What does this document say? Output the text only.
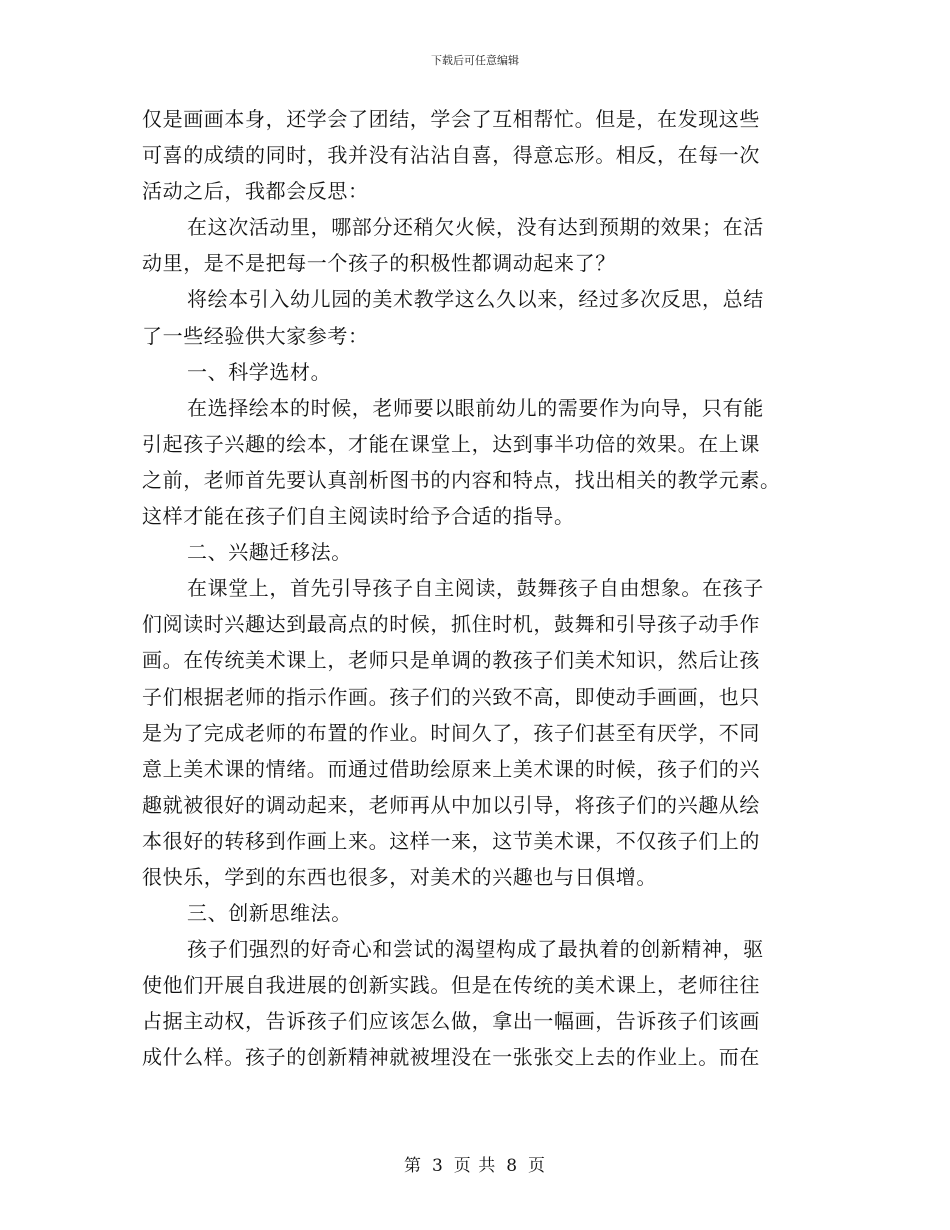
下载后可任意编辑
仅是画画本身，还学会了团结，学会了互相帮忙。但是，在发现这些
可喜的成绩的同时，我并没有沾沾自喜，得意忘形。相反，在每一次
活动之后，我都会反思：
在这次活动里，哪部分还稍欠火候，没有达到预期的效果；在活
动里，是不是把每一个孩子的积极性都调动起来了？
将绘本引入幼儿园的美术教学这么久以来，经过多次反思，总结
了一些经验供大家参考：
一、科学选材。
在选择绘本的时候，老师要以眼前幼儿的需要作为向导，只有能
引起孩子兴趣的绘本，才能在课堂上，达到事半功倍的效果。在上课
之前，老师首先要认真剖析图书的内容和特点，找出相关的教学元素。
这样才能在孩子们自主阅读时给予合适的指导。
二、兴趣迁移法。
在课堂上，首先引导孩子自主阅读，鼓舞孩子自由想象。在孩子
们阅读时兴趣达到最高点的时候，抓住时机，鼓舞和引导孩子动手作
画。在传统美术课上，老师只是单调的教孩子们美术知识，然后让孩
子们根据老师的指示作画。孩子们的兴致不高，即使动手画画，也只
是为了完成老师的布置的作业。时间久了，孩子们甚至有厌学，不同
意上美术课的情绪。而通过借助绘原来上美术课的时候，孩子们的兴
趣就被很好的调动起来，老师再从中加以引导，将孩子们的兴趣从绘
本很好的转移到作画上来。这样一来，这节美术课，不仅孩子们上的
很快乐，学到的东西也很多，对美术的兴趣也与日俱增。
三、创新思维法。
孩子们强烈的好奇心和尝试的渴望构成了最执着的创新精神，驱
使他们开展自我进展的创新实践。但是在传统的美术课上，老师往往
占据主动权，告诉孩子们应该怎么做，拿出一幅画，告诉孩子们该画
成什么样。孩子的创新精神就被埋没在一张张交上去的作业上。而在
第 3 页 共 8 页
